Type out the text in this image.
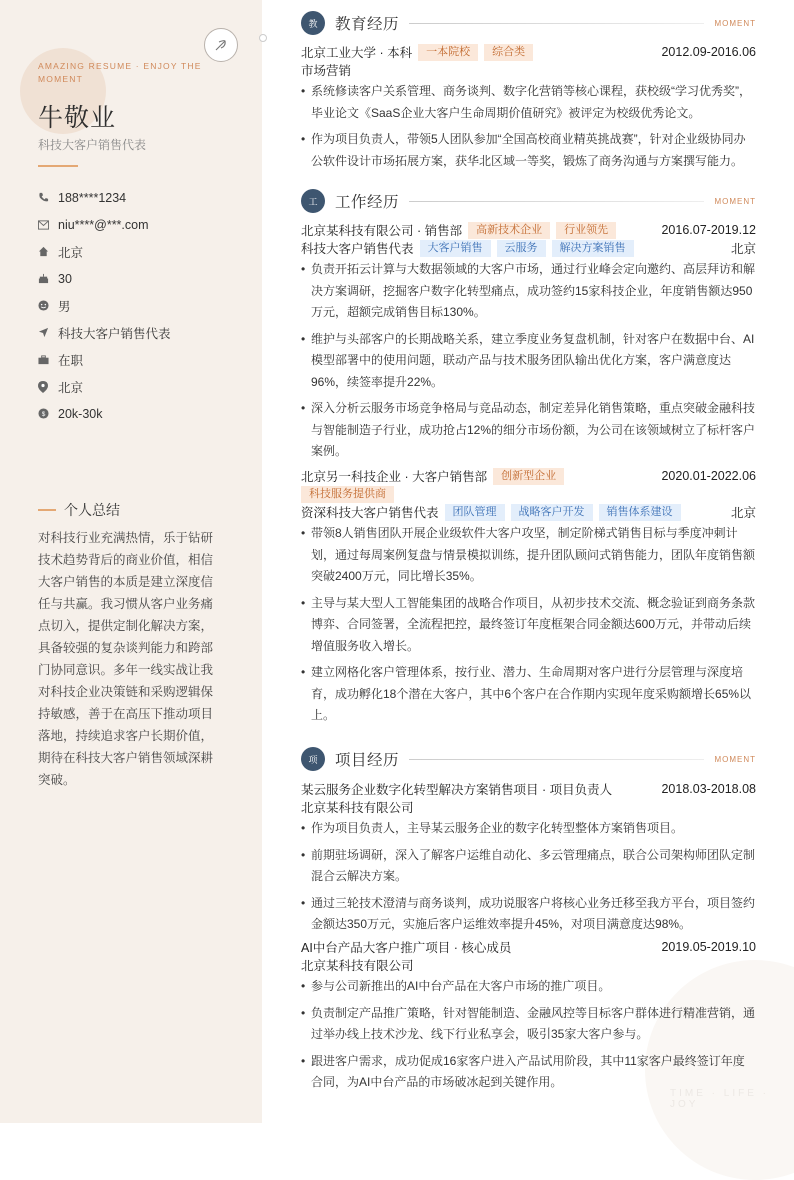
AMAZING RESUME · ENJOY THE MOMENT
牛敬业
科技大客户销售代表
188****1234
niu****@***.com
北京
30
男
科技大客户销售代表
在职
北京
$ 20k-30k
个人总结
对科技行业充满热情，乐于钻研技术趋势背后的商业价值，相信大客户销售的本质是建立深度信任与共赢。我习惯从客户业务痛点切入，提供定制化解决方案，具备较强的复杂谈判能力和跨部门协同意识。多年一线实战让我对科技企业决策链和采购逻辑保持敏感，善于在高压下推动项目落地，持续追求客户长期价值，期待在科技大客户销售领域深耕突破。
TIME · LIFE · JOY
教	教育经历	MOMENT
北京工业大学 · 本科	一本院校	综合类	2012.09-2016.06
市场营销
• 系统修读客户关系管理、商务谈判、数字化营销等核心课程，获校级“学习优秀奖”，毕业论文《SaaS企业大客户生命周期价值研究》被评定为校级优秀论文。
• 作为项目负责人，带领5人团队参加“全国高校商业精英挑战赛”，针对企业级协同办公软件设计市场拓展方案，获华北区域一等奖，锻炼了商务沟通与方案撰写能力。
工	工作经历	MOMENT
北京某科技有限公司 · 销售部	高新技术企业	行业领先	2016.07-2019.12
科技大客户销售代表	大客户销售	云服务	解决方案销售	北京
• 负责开拓云计算与大数据领域的大客户市场，通过行业峰会定向邀约、高层拜访和解决方案调研，挖掘客户数字化转型痛点，成功签约15家科技企业，年度销售额达950万元，超额完成销售目标130%。
• 维护与头部客户的长期战略关系，建立季度业务复盘机制，针对客户在数据中台、AI模型部署中的使用问题，联动产品与技术服务团队输出优化方案，客户满意度达96%，续签率提升22%。
• 深入分析云服务市场竞争格局与竞品动态，制定差异化销售策略，重点突破金融科技与智能制造子行业，成功抢占12%的细分市场份额，为公司在该领域树立了标杆客户案例。
北京另一科技企业 · 大客户销售部	创新型企业	2020.01-2022.06
科技服务提供商
资深科技大客户销售代表	团队管理	战略客户开发	销售体系建设	北京
• 带领8人销售团队开展企业级软件大客户攻坚，制定阶梯式销售目标与季度冲刺计划，通过每周案例复盘与情景模拟训练，提升团队顾问式销售能力，团队年度销售额突破2400万元，同比增长35%。
• 主导与某大型人工智能集团的战略合作项目，从初步技术交流、概念验证到商务条款博弈、合同签署，全流程把控，最终签订年度框架合同金额达600万元，并带动后续增值服务收入增长。
• 建立网格化客户管理体系，按行业、潜力、生命周期对客户进行分层管理与深度培育，成功孵化18个潜在大客户，其中6个客户在合作期内实现年度采购额增长65%以上。
项	项目经历	MOMENT
某云服务企业数字化转型解决方案销售项目 · 项目负责人	2018.03-2018.08
北京某科技有限公司
• 作为项目负责人，主导某云服务企业的数字化转型整体方案销售项目。
• 前期驻场调研，深入了解客户运维自动化、多云管理痛点，联合公司架构师团队定制混合云解决方案。
• 通过三轮技术澄清与商务谈判，成功说服客户将核心业务迁移至我方平台，项目签约金额达350万元，实施后客户运维效率提升45%，对项目满意度达98%。
AI中台产品大客户推广项目 · 核心成员	2019.05-2019.10
北京某科技有限公司
• 参与公司新推出的AI中台产品在大客户市场的推广项目。
• 负责制定产品推广策略，针对智能制造、金融风控等目标客户群体进行精准营销，通过举办线上技术沙龙、线下行业私享会，吸引35家大客户参与。
• 跟进客户需求，成功促成16家客户进入产品试用阶段，其中11家客户最终签订年度合同，为AI中台产品的市场破冰起到关键作用。
